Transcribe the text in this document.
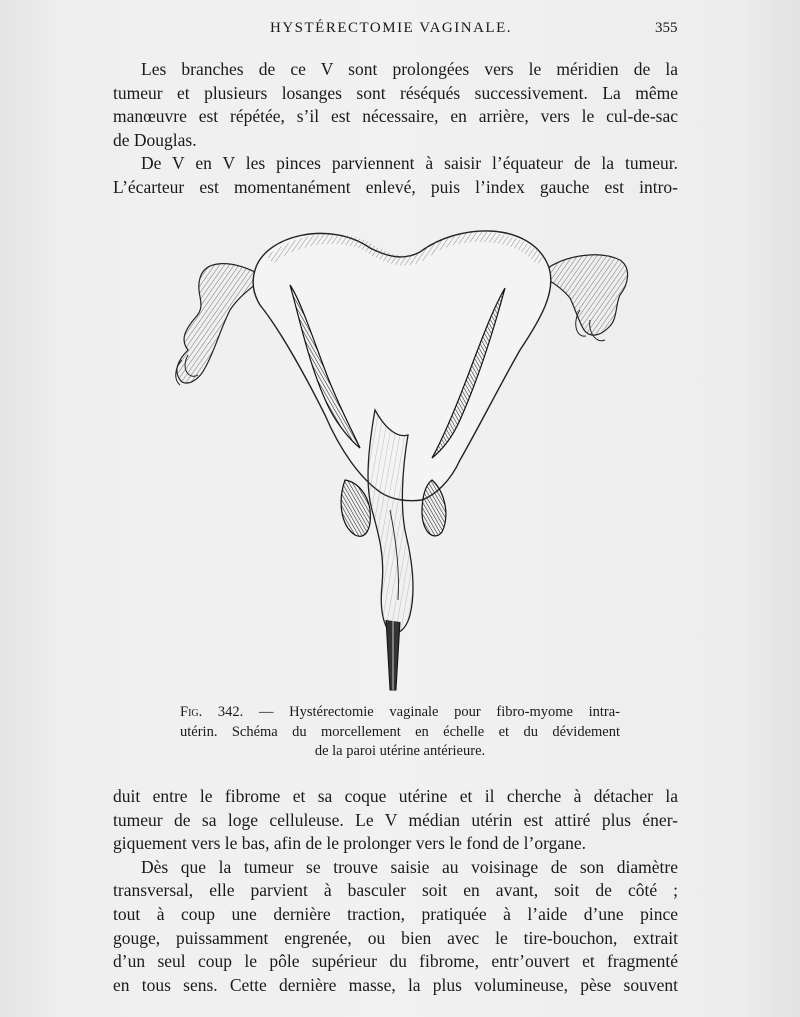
HYSTÉRECTOMIE VAGINALE.	355

Les branches de ce V sont prolongées vers le méridien de la
tumeur et plusieurs losanges sont réséqués successivement. La même
manœuvre est répétée, s’il est nécessaire, en arrière, vers le cul-de-sac
de Douglas.

De V en V les pinces parviennent à saisir l’équateur de la tumeur.
L’écarteur est momentanément enlevé, puis l’index gauche est intro-

Fig. 342. — Hystérectomie vaginale pour fibro-myome intra-
utérin. Schéma du morcellement en échelle et du dévidement
de la paroi utérine antérieure.

duit entre le fibrome et sa coque utérine et il cherche à détacher la
tumeur de sa loge celluleuse. Le V médian utérin est attiré plus éner-
giquement vers le bas, afin de le prolonger vers le fond de l’organe.

Dès que la tumeur se trouve saisie au voisinage de son diamètre
transversal, elle parvient à basculer soit en avant, soit de côté ;
tout à coup une dernière traction, pratiquée à l’aide d’une pince
gouge, puissamment engrenée, ou bien avec le tire-bouchon, extrait
d’un seul coup le pôle supérieur du fibrome, entr’ouvert et fragmenté
en tous sens. Cette dernière masse, la plus volumineuse, pèse souvent
